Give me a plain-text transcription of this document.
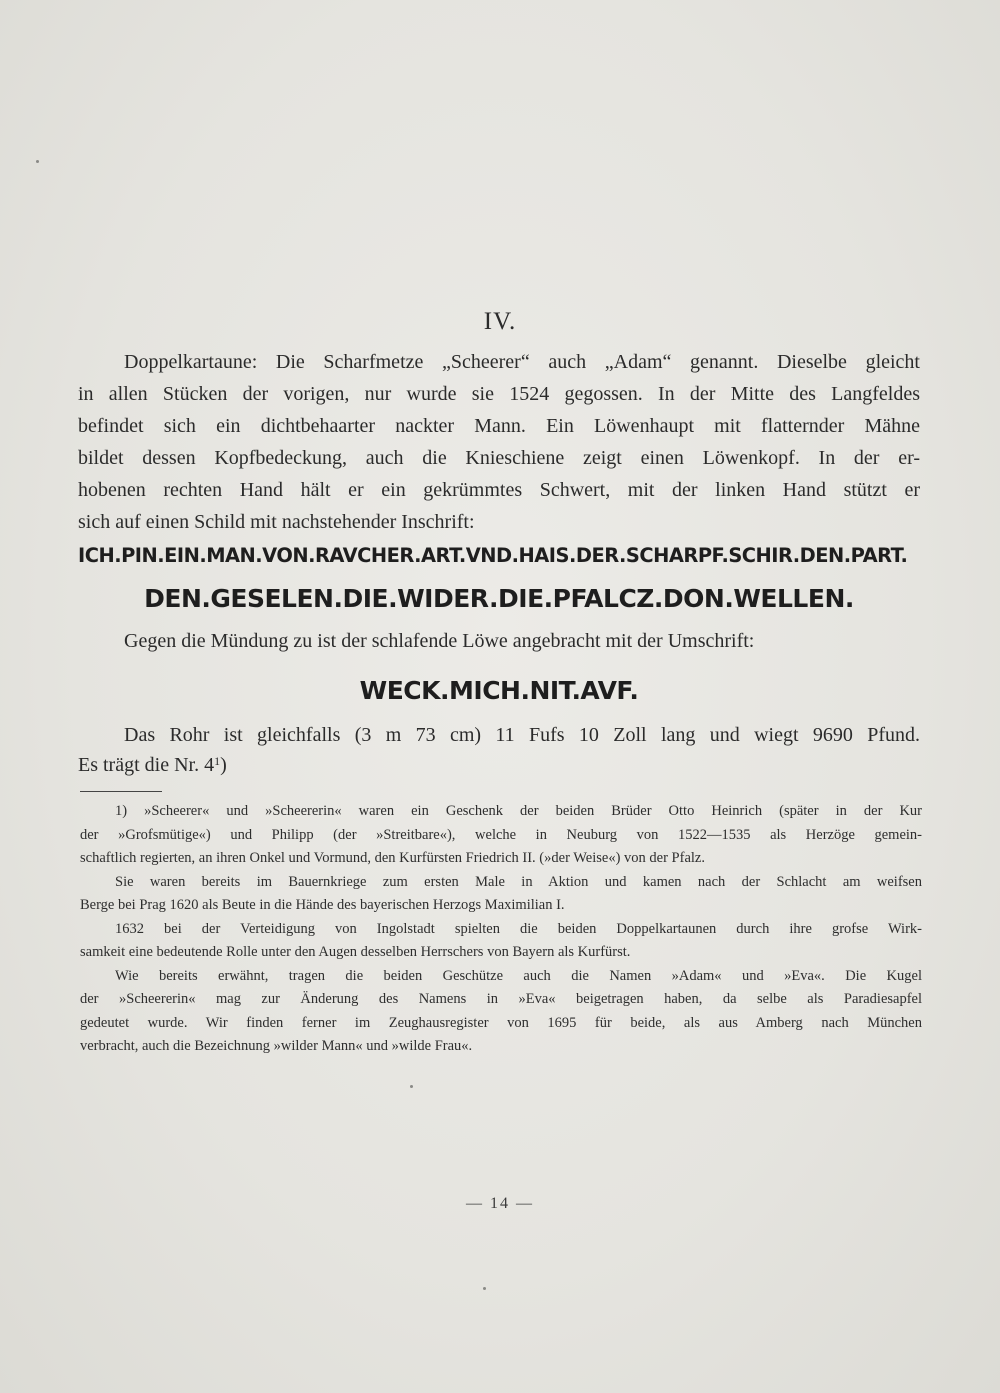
IV.
Doppelkartaune: Die Scharfmetze „Scheerer“ auch „Adam“ genannt. Dieselbe gleicht
in allen Stücken der vorigen, nur wurde sie 1524 gegossen. In der Mitte des Langfeldes
befindet sich ein dichtbehaarter nackter Mann. Ein Löwenhaupt mit flatternder Mähne
bildet dessen Kopfbedeckung, auch die Knieschiene zeigt einen Löwenkopf. In der er-
hobenen rechten Hand hält er ein gekrümmtes Schwert, mit der linken Hand stützt er
sich auf einen Schild mit nachstehender Inschrift:
ICH.PIN.EIN.MAN.VON.RAVCHER.ART.VND.HAIS.DER.SCHARPF.SCHIR.DEN.PART.
DEN.GESELEN.DIE.WIDER.DIE.PFALCZ.DON.WELLEN.
Gegen die Mündung zu ist der schlafende Löwe angebracht mit der Umschrift:
WECK.MICH.NIT.AVF.
Das Rohr ist gleichfalls (3 m 73 cm) 11 Fufs 10 Zoll lang und wiegt 9690 Pfund.
Es trägt die Nr. $4^1$)
1) »Scheerer« und »Scheererin« waren ein Geschenk der beiden Brüder Otto Heinrich (später in der Kur
der »Grofsmütige«) und Philipp (der »Streitbare«), welche in Neuburg von 1522—1535 als Herzöge gemein-
schaftlich regierten, an ihren Onkel und Vormund, den Kurfürsten Friedrich II. (»der Weise«) von der Pfalz.
Sie waren bereits im Bauernkriege zum ersten Male in Aktion und kamen nach der Schlacht am weifsen
Berge bei Prag 1620 als Beute in die Hände des bayerischen Herzogs Maximilian I.
1632 bei der Verteidigung von Ingolstadt spielten die beiden Doppelkartaunen durch ihre grofse Wirk-
samkeit eine bedeutende Rolle unter den Augen desselben Herrschers von Bayern als Kurfürst.
Wie bereits erwähnt, tragen die beiden Geschütze auch die Namen »Adam« und »Eva«. Die Kugel
der »Scheererin« mag zur Änderung des Namens in »Eva« beigetragen haben, da selbe als Paradiesapfel
gedeutet wurde. Wir finden ferner im Zeughausregister von 1695 für beide, als aus Amberg nach München
verbracht, auch die Bezeichnung »wilder Mann« und »wilde Frau«.
— 14 —
